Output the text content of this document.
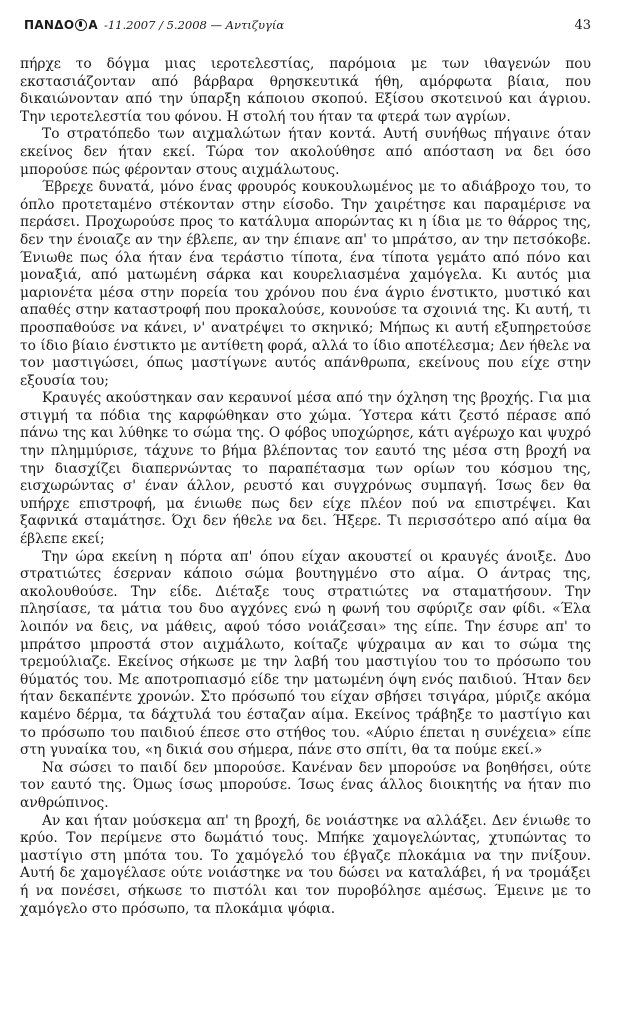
ΠΑΝΔΟ Α -11.2007 / 5.2008 — Αντιζυγία	43

πήρχε το δόγμα μιας ιεροτελεστίας, παρόμοια με των ιθαγενών που εκστασιάζονταν από βάρβαρα θρησκευτικά ήθη, αμόρφωτα βίαια, που δικαιώνονταν από την ύπαρξη κάποιου σκοπού. Εξίσου σκοτεινού και άγριου. Την ιεροτελεστία του φόνου. Η στολή του ήταν τα φτερά των αγρίων.

Το στρατόπεδο των αιχμαλώτων ήταν κοντά. Αυτή συνήθως πήγαινε όταν εκείνος δεν ήταν εκεί. Τώρα τον ακολούθησε από απόσταση να δει όσο μπορούσε πώς φέρονταν στους αιχμάλωτους.

Έβρεχε δυνατά, μόνο ένας φρουρός κουκουλωμένος με το αδιάβροχο του, το όπλο προτεταμένο στέκονταν στην είσοδο. Την χαιρέτησε και παραμέρισε να περάσει. Προχωρούσε προς το κατάλυμα απορώντας κι η ίδια με το θάρρος της, δεν την ένοιαζε αν την έβλεπε, αν την έπιανε απ' το μπράτσο, αν την πετσόκοβε. Ένιωθε πως όλα ήταν ένα τεράστιο τίποτα, ένα τίποτα γεμάτο από πόνο και μοναξιά, από ματωμένη σάρκα και κουρελιασμένα χαμόγελα. Κι αυτός μια μαριονέτα μέσα στην πορεία του χρόνου που ένα άγριο ένστικτο, μυστικό και απαθές στην καταστροφή που προκαλούσε, κουνούσε τα σχοινιά της. Κι αυτή, τι προσπαθούσε να κάνει, ν' ανατρέψει το σκηνικό; Μήπως κι αυτή εξυπηρετούσε το ίδιο βίαιο ένστικτο με αντίθετη φορά, αλλά το ίδιο αποτέλεσμα; Δεν ήθελε να τον μαστιγώσει, όπως μαστίγωνε αυτός απάνθρωπα, εκείνους που είχε στην εξουσία του;

Κραυγές ακούστηκαν σαν κεραυνοί μέσα από την όχληση της βροχής. Για μια στιγμή τα πόδια της καρφώθηκαν στο χώμα. Ύστερα κάτι ζεστό πέρασε από πάνω της και λύθηκε το σώμα της. Ο φόβος υποχώρησε, κάτι αγέρωχο και ψυχρό την πλημμύρισε, τάχυνε το βήμα βλέποντας τον εαυτό της μέσα στη βροχή να την διασχίζει διαπερνώντας το παραπέτασμα των ορίων του κόσμου της, εισχωρώντας σ' έναν άλλον, ρευστό και συγχρόνως συμπαγή. Ίσως δεν θα υπήρχε επιστροφή, μα ένιωθε πως δεν είχε πλέον πού να επιστρέψει. Και ξαφνικά σταμάτησε. Όχι δεν ήθελε να δει. Ήξερε. Τι περισσότερο από αίμα θα έβλεπε εκεί;

Την ώρα εκείνη η πόρτα απ' όπου είχαν ακουστεί οι κραυγές άνοιξε. Δυο στρατιώτες έσερναν κάποιο σώμα βουτηγμένο στο αίμα. Ο άντρας της, ακολουθούσε. Την είδε. Διέταξε τους στρατιώτες να σταματήσουν. Την πλησίασε, τα μάτια του δυο αγχόνες ενώ η φωνή του σφύριζε σαν φίδι. «Έλα λοιπόν να δεις, να μάθεις, αφού τόσο νοιάζεσαι» της είπε. Την έσυρε απ' το μπράτσο μπροστά στον αιχμάλωτο, κοίταζε ψύχραιμα αν και το σώμα της τρεμούλιαζε. Εκείνος σήκωσε με την λαβή του μαστιγίου του το πρόσωπο του θύματός του. Με αποτροπιασμό είδε την ματωμένη όψη ενός παιδιού. Ήταν δεν ήταν δεκαπέντε χρονών. Στο πρόσωπό του είχαν σβήσει τσιγάρα, μύριζε ακόμα καμένο δέρμα, τα δάχτυλά του έσταζαν αίμα. Εκείνος τράβηξε το μαστίγιο και το πρόσωπο του παιδιού έπεσε στο στήθος του. «Αύριο έπεται η συνέχεια» είπε στη γυναίκα του, «η δικιά σου σήμερα, πάνε στο σπίτι, θα τα πούμε εκεί.»

Να σώσει το παιδί δεν μπορούσε. Κανέναν δεν μπορούσε να βοηθήσει, ούτε τον εαυτό της. Όμως ίσως μπορούσε. Ίσως ένας άλλος διοικητής να ήταν πιο ανθρώπινος.

Αν και ήταν μούσκεμα απ' τη βροχή, δε νοιάστηκε να αλλάξει. Δεν ένιωθε το κρύο. Τον περίμενε στο δωμάτιό τους. Μπήκε χαμογελώντας, χτυπώντας το μαστίγιο στη μπότα του. Το χαμόγελό του έβγαζε πλοκάμια να την πνίξουν. Αυτή δε χαμογέλασε ούτε νοιάστηκε να του δώσει να καταλάβει, ή να τρομάξει ή να πονέσει, σήκωσε το πιστόλι και τον πυροβόλησε αμέσως. Έμεινε με το χαμόγελο στο πρόσωπο, τα πλοκάμια ψόφια.
